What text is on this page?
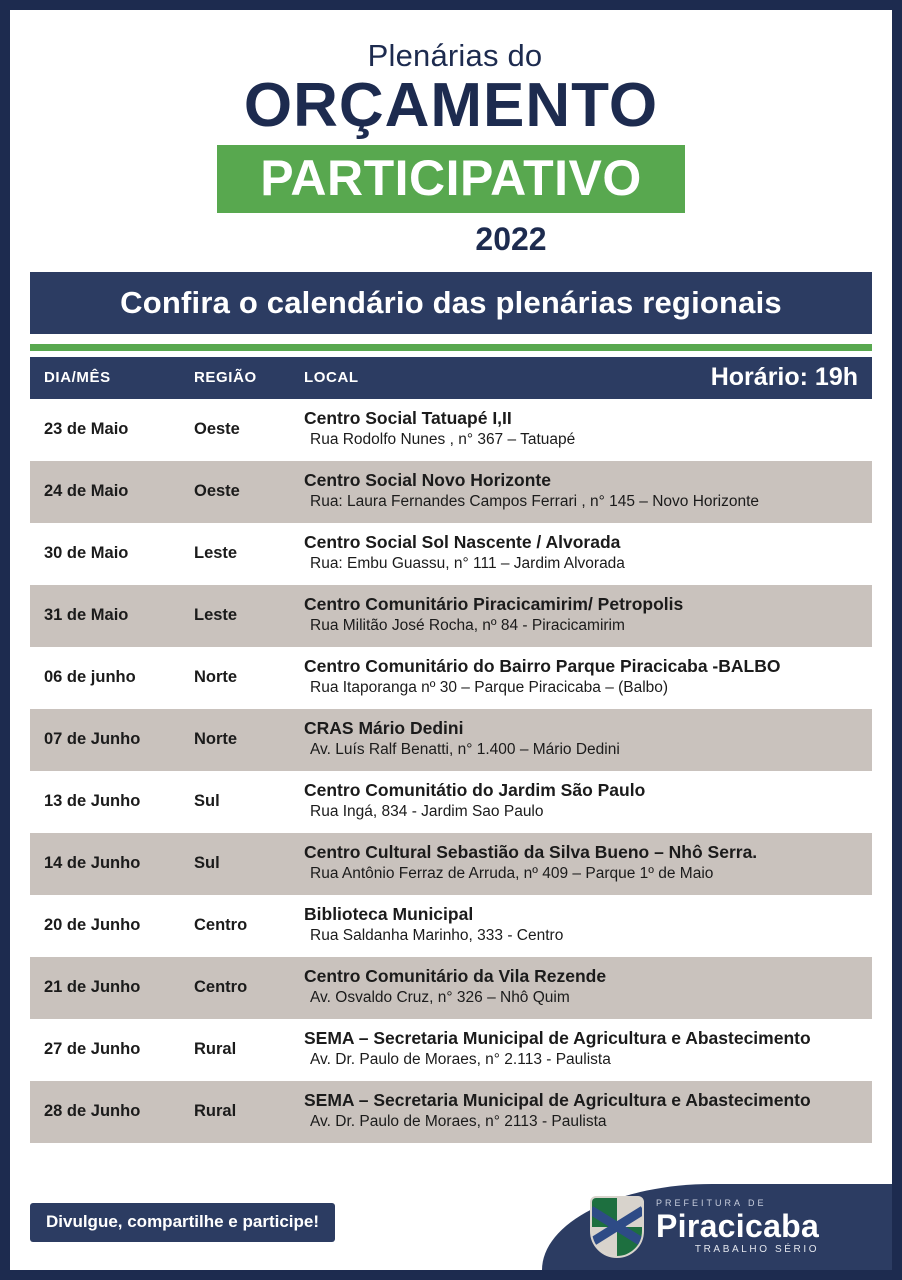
Plenárias do
ORÇAMENTO
PARTICIPATIVO
2022
Confira o calendário das plenárias regionais
DIA/MÊS	REGIÃO	LOCAL	Horário: 19h
23 de Maio	Oeste
Centro Social Tatuapé I,II
Rua Rodolfo Nunes , n° 367 – Tatuapé
24 de Maio	Oeste
Centro Social Novo Horizonte
Rua: Laura Fernandes Campos Ferrari , n° 145 – Novo Horizonte
30 de Maio	Leste
Centro Social Sol Nascente / Alvorada
Rua: Embu Guassu, n° 111 – Jardim Alvorada
31 de Maio	Leste
Centro Comunitário Piracicamirim/ Petropolis
Rua Militão José Rocha, nº 84 - Piracicamirim
06 de junho	Norte
Centro Comunitário do Bairro Parque Piracicaba -BALBO
Rua Itaporanga nº 30 – Parque Piracicaba – (Balbo)
07 de Junho	Norte
CRAS Mário Dedini
Av. Luís Ralf Benatti, n° 1.400 – Mário Dedini
13 de Junho	Sul
Centro Comunitátio do Jardim São Paulo
Rua Ingá, 834 - Jardim Sao Paulo
14 de Junho	Sul
Centro Cultural Sebastião da Silva Bueno – Nhô Serra.
Rua Antônio Ferraz de Arruda, nº 409 – Parque 1º de Maio
20 de Junho	Centro
Biblioteca Municipal
Rua Saldanha Marinho, 333 - Centro
21 de Junho	Centro
Centro Comunitário da Vila Rezende
Av. Osvaldo Cruz, n° 326 – Nhô Quim
27 de Junho	Rural
SEMA – Secretaria Municipal de Agricultura e Abastecimento
Av. Dr. Paulo de Moraes, n° 2.113 - Paulista
28 de Junho	Rural
SEMA – Secretaria Municipal de Agricultura e Abastecimento
Av. Dr. Paulo de Moraes, n° 2113 - Paulista
Divulgue, compartilhe e participe!
PREFEITURA DE
Piracicaba
TRABALHO SÉRIO
